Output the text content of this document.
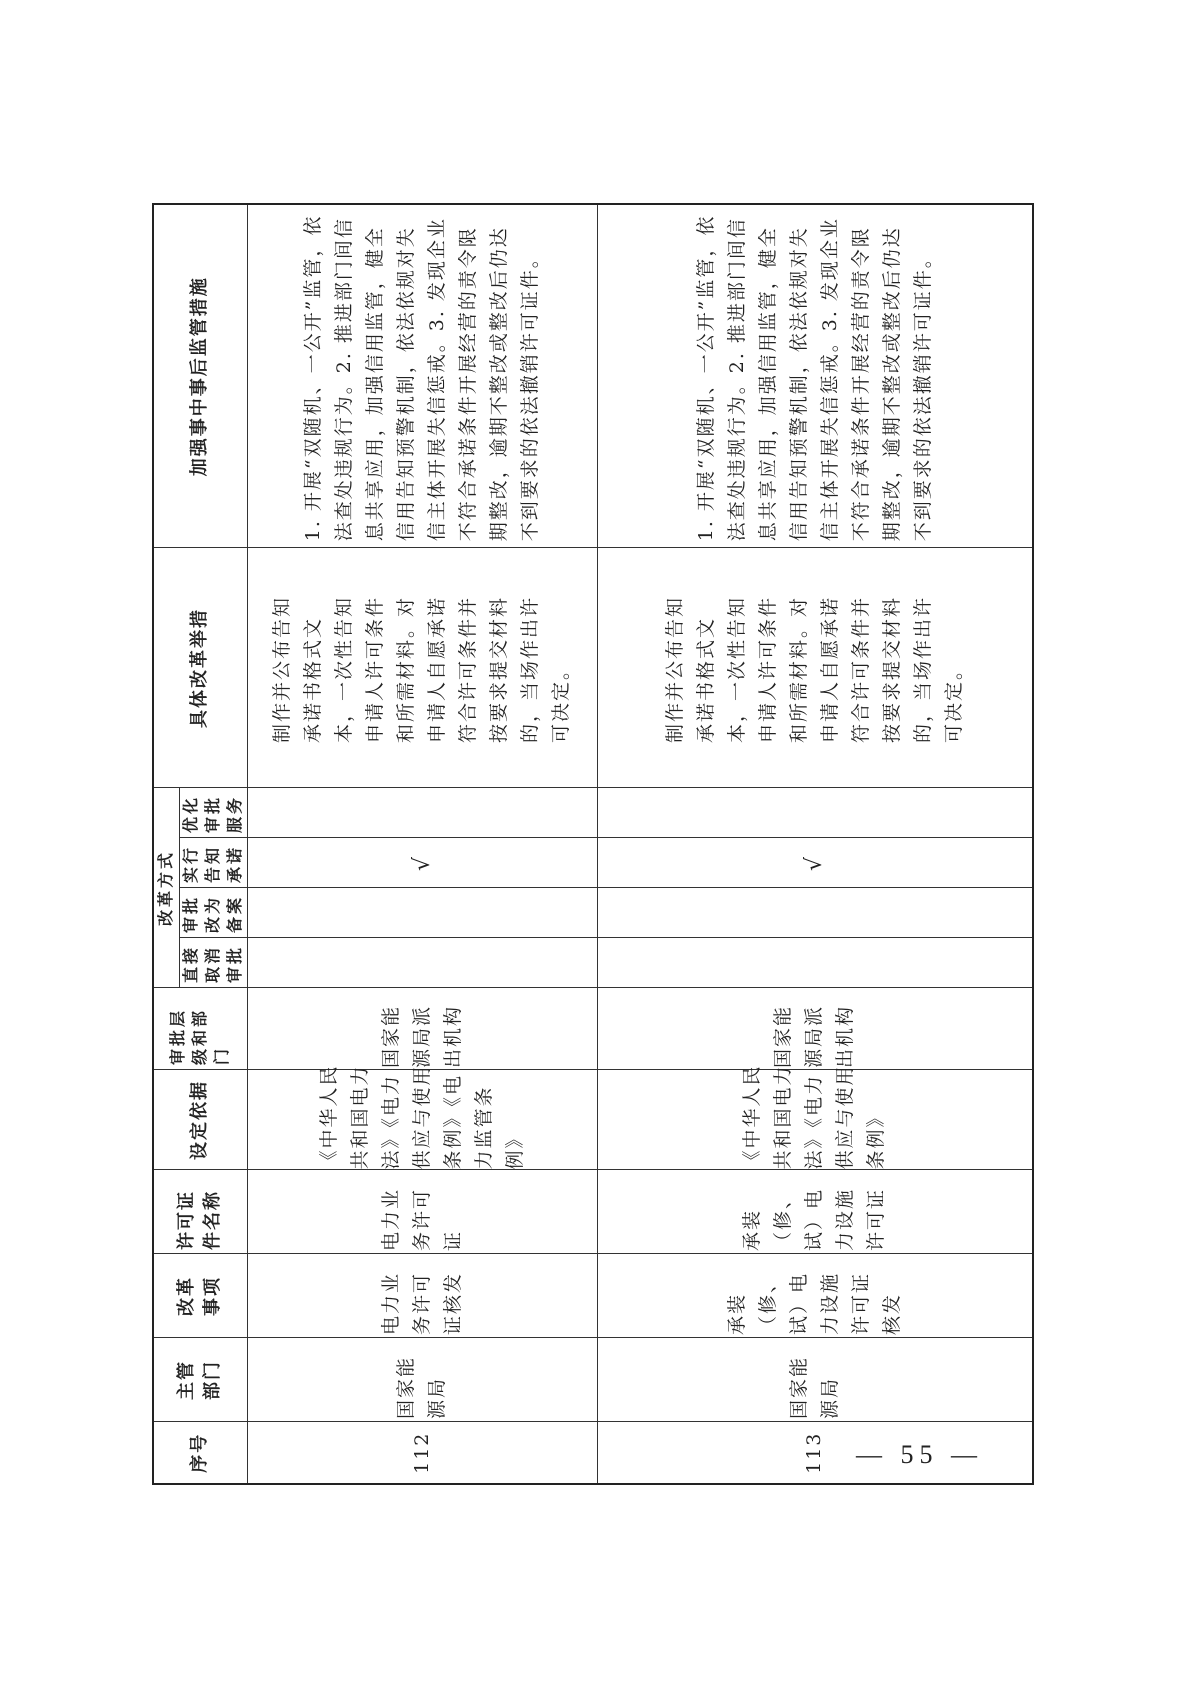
序号	主管部门	改革事项	许可证件名称	设定依据	审批层级和部门	改革方式				具体改革举措	加强事中事后监管措施
						直接取消审批	审批改为备案	实行告知承诺	优化审批服务		
112	国家能源局	电力业务许可证核发	电力业务许可证	《中华人民共和国电力法》《电力供应与使用条例》《电力监管条例》	国家能源局派出机构			√		制作并公布告知承诺书格式文本，一次性告知申请人许可条件和所需材料。对申请人自愿承诺符合许可条件并按要求提交材料的，当场作出许可决定。	1. 开展“双随机、一公开”监管，依法查处违规行为。2. 推进部门间信息共享应用，加强信用监管，健全信用告知预警机制，依法依规对失信主体开展失信惩戒。3. 发现企业不符合承诺条件开展经营的责令限期整改，逾期不整改或整改后仍达不到要求的依法撤销许可证件。
113	国家能源局	承装（修、试）电力设施许可证核发	承装（修、试）电力设施许可证	《中华人民共和国电力法》《电力供应与使用条例》	国家能源局派出机构			√		制作并公布告知承诺书格式文本，一次性告知申请人许可条件和所需材料。对申请人自愿承诺符合许可条件并按要求提交材料的，当场作出许可决定。	1. 开展“双随机、一公开”监管，依法查处违规行为。2. 推进部门间信息共享应用，加强信用监管，健全信用告知预警机制，依法依规对失信主体开展失信惩戒。3. 发现企业不符合承诺条件开展经营的责令限期整改，逾期不整改或整改后仍达不到要求的依法撤销许可证件。
— 55 —
